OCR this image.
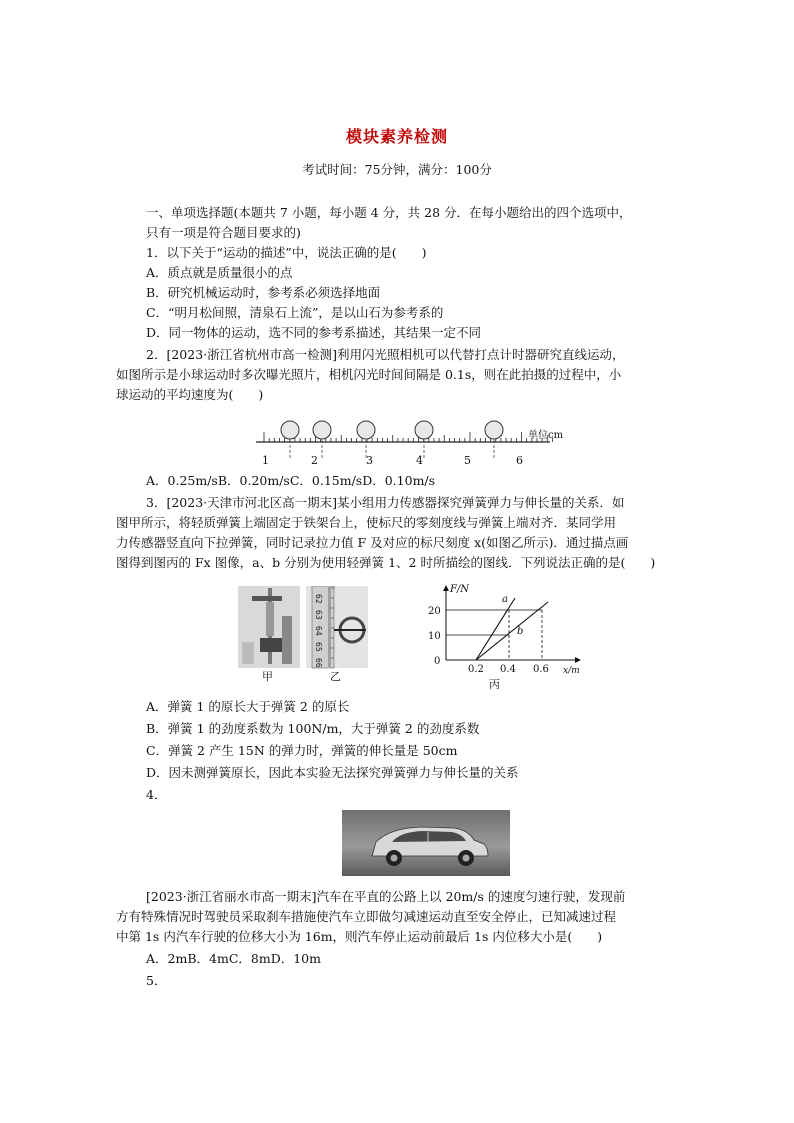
模块素养检测
考试时间：75分钟，满分：100分
一、单项选择题(本题共 7 小题，每小题 4 分，共 28 分．在每小题给出的四个选项中，
只有一项是符合题目要求的)
1．以下关于“运动的描述”中，说法正确的是(　　)
A．质点就是质量很小的点
B．研究机械运动时，参考系必须选择地面
C．“明月松间照，清泉石上流”，是以山石为参考系的
D．同一物体的运动，选不同的参考系描述，其结果一定不同
2．[2023·浙江省杭州市高一检测]利用闪光照相机可以代替打点计时器研究直线运动，
如图所示是小球运动时多次曝光照片，相机闪光时间间隔是 0.1s，则在此拍摄的过程中，小
球运动的平均速度为(　　)
1	2	3	4	5	6
单位cm
A．0.25m/sB．0.20m/sC．0.15m/sD．0.10m/s
3．[2023·天津市河北区高一期末]某小组用力传感器探究弹簧弹力与伸长量的关系．如
图甲所示，将轻质弹簧上端固定于铁架台上，使标尺的零刻度线与弹簧上端对齐．某同学用
力传感器竖直向下拉弹簧，同时记录拉力值 F 及对应的标尺刻度 x(如图乙所示)．通过描点画
图得到图丙的 Fx 图像，a、b 分别为使用轻弹簧 1、2 时所描绘的图线．下列说法正确的是(　　)
甲
62
63
64
65
66
乙
F/N
x/m
20
10
0
0.2 0.4 0.6
a
b
丙
A．弹簧 1 的原长大于弹簧 2 的原长
B．弹簧 1 的劲度系数为 100N/m，大于弹簧 2 的劲度系数
C．弹簧 2 产生 15N 的弹力时，弹簧的伸长量是 50cm
D．因未测弹簧原长，因此本实验无法探究弹簧弹力与伸长量的关系
4．
[2023·浙江省丽水市高一期末]汽车在平直的公路上以 20m/s 的速度匀速行驶，发现前
方有特殊情况时驾驶员采取刹车措施使汽车立即做匀减速运动直至安全停止，已知减速过程
中第 1s 内汽车行驶的位移大小为 16m，则汽车停止运动前最后 1s 内位移大小是(　　)
A．2mB．4mC．8mD．10m
5．
